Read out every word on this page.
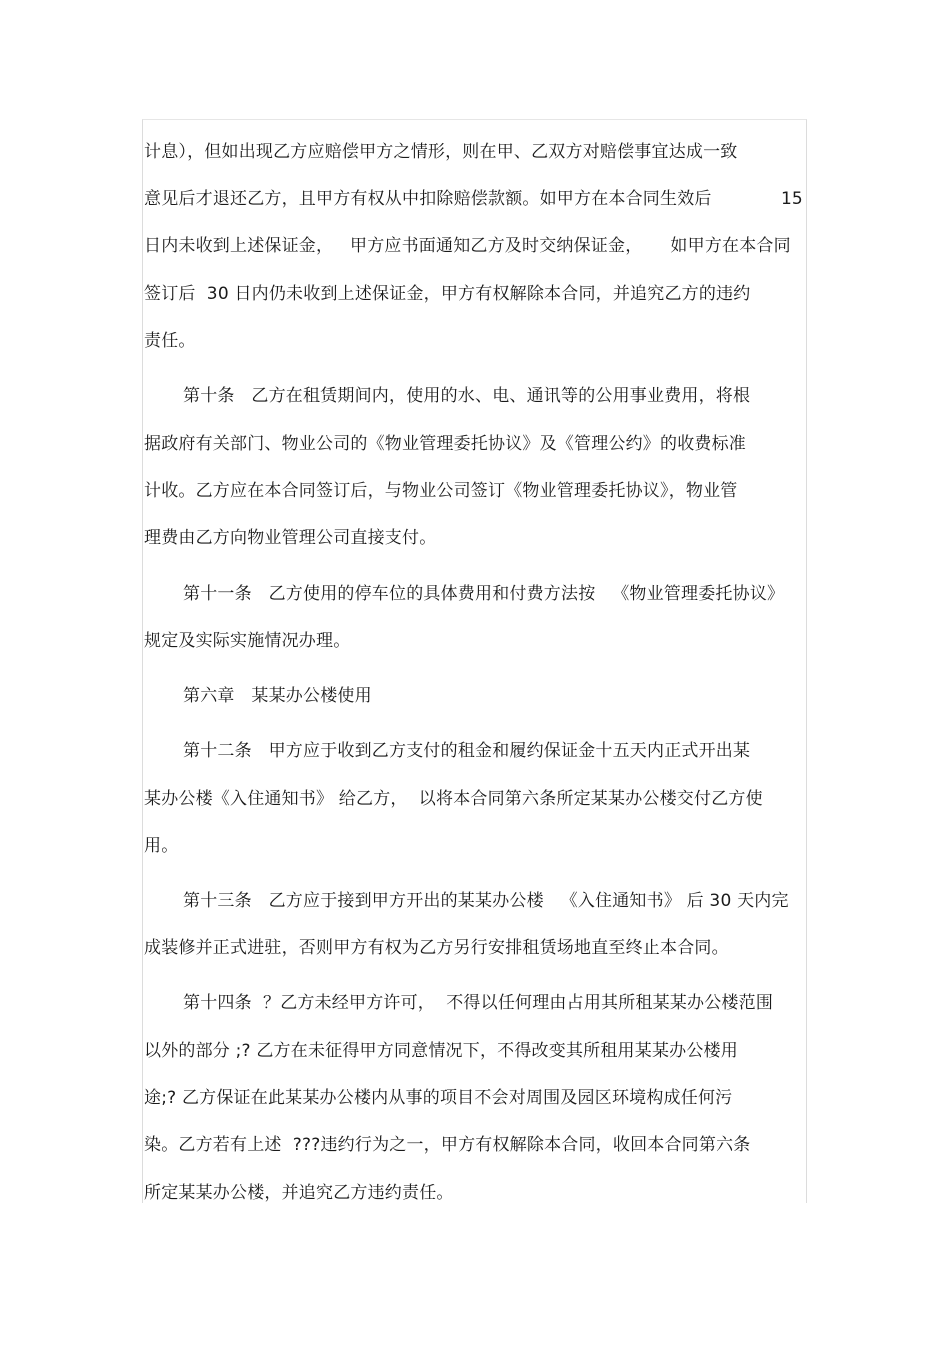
计息），但如出现乙方应赔偿甲方之情形，则在甲、乙双方对赔偿事宜达成一致
意见后才退还乙方，且甲方有权从中扣除赔偿款额。如甲方在本合同生效后	15
日内未收到上述保证金，   甲方应书面通知乙方及时交纳保证金，     如甲方在本合同
签订后  30 日内仍未收到上述保证金，甲方有权解除本合同，并追究乙方的违约
责任。
第十条   乙方在租赁期间内，使用的水、电、通讯等的公用事业费用，将根
据政府有关部门、物业公司的《物业管理委托协议》及《管理公约》的收费标准
计收。乙方应在本合同签订后，与物业公司签订《物业管理委托协议》，物业管
理费由乙方向物业管理公司直接支付。
第十一条   乙方使用的停车位的具体费用和付费方法按   《物业管理委托协议》
规定及实际实施情况办理。
第六章   某某办公楼使用
第十二条   甲方应于收到乙方支付的租金和履约保证金十五天内正式开出某
某办公楼《入住通知书》 给乙方，  以将本合同第六条所定某某办公楼交付乙方使
用。
第十三条   乙方应于接到甲方开出的某某办公楼   《入住通知书》 后 30 天内完
成装修并正式进驻，否则甲方有权为乙方另行安排租赁场地直至终止本合同。
第十四条  ？乙方未经甲方许可，  不得以任何理由占用其所租某某办公楼范围
以外的部分 ;? 乙方在未征得甲方同意情况下，不得改变其所租用某某办公楼用
途;? 乙方保证在此某某办公楼内从事的项目不会对周围及园区环境构成任何污
染。乙方若有上述  ???违约行为之一，甲方有权解除本合同，收回本合同第六条
所定某某办公楼，并追究乙方违约责任。
